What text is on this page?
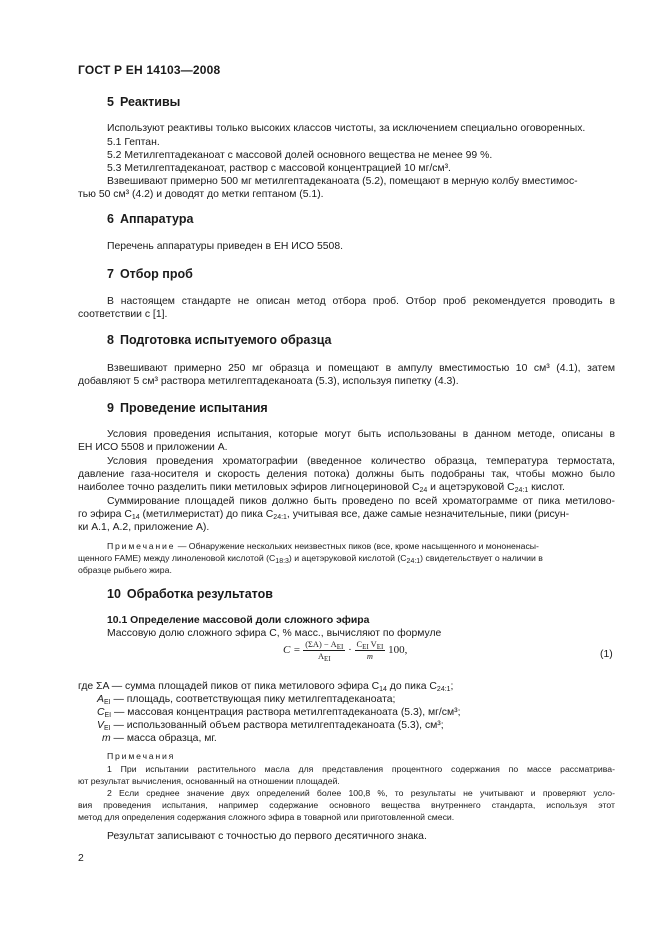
ГОСТ Р ЕН 14103—2008
5 Реактивы
Используют реактивы только высоких классов чистоты, за исключением специально оговоренных.
5.1 Гептан.
5.2 Метилгептадеканоат с массовой долей основного вещества не менее 99 %.
5.3 Метилгептадеканоат, раствор с массовой концентрацией 10 мг/см³.
Взвешивают примерно 500 мг метилгептадеканоата (5.2), помещают в мерную колбу вместимос-
тью 50 см³ (4.2) и доводят до метки гептаном (5.1).
6 Аппаратура
Перечень аппаратуры приведен в ЕН ИСО 5508.
7 Отбор проб
В настоящем стандарте не описан метод отбора проб. Отбор проб рекомендуется проводить в
соответствии с [1].
8 Подготовка испытуемого образца
Взвешивают примерно 250 мг образца и помещают в ампулу вместимостью 10 см³ (4.1), затем
добавляют 5 см³ раствора метилгептадеканоата (5.3), используя пипетку (4.3).
9 Проведение испытания
Условия проведения испытания, которые могут быть использованы в данном методе, описаны в
ЕН ИСО 5508 и приложении А.
Условия проведения хроматографии (введенное количество образца, температура термостата,
давление газа-носителя и скорость деления потока) должны быть подобраны так, чтобы можно было
наиболее точно разделить пики метиловых эфиров лигноцериновой $С_{24}$ и ацетэруковой $С_{24:1}$ кислот.
Суммирование площадей пиков должно быть проведено по всей хроматограмме от пика метилово-
го эфира $С_{14}$ (метилмеристат) до пика $С_{24:1}$, учитывая все, даже самые незначительные, пики (рисун-
ки А.1, А.2, приложение А).
Примечание — Обнаружение нескольких неизвестных пиков (все, кроме насыщенного и мононенасы-
щенного FAME) между линоленовой кислотой $(С_{18:3})$ и ацетэруковой кислотой $(С_{24:1})$ свидетельствует о наличии в
образце рыбьего жира.
10 Обработка результатов
10.1 Определение массовой доли сложного эфира
Массовую долю сложного эфира С, % масс., вычисляют по формуле
$C = \frac{(\Sigma A) - A_{EI}}{A_{EI}} \cdot \frac{C_{EI} V_{EI}}{m} 100$,	(1)
где ΣA — сумма площадей пиков от пика метилового эфира $С_{14}$ до пика $С_{24:1}$;
$A_{EI}$ — площадь, соответствующая пику метилгептадеканоата;
$C_{EI}$ — массовая концентрация раствора метилгептадеканоата (5.3), мг/см³;
$V_{EI}$ — использованный объем раствора метилгептадеканоата (5.3), см³;
m — масса образца, мг.
Примечания
1 При испытании растительного масла для представления процентного содержания по массе рассматрива-
ют результат вычисления, основанный на отношении площадей.
2 Если среднее значение двух определений более 100,8 %, то результаты не учитывают и проверяют усло-
вия проведения испытания, например содержание основного вещества внутреннего стандарта, используя этот
метод для определения содержания сложного эфира в товарной или приготовленной смеси.
Результат записывают с точностью до первого десятичного знака.
2
